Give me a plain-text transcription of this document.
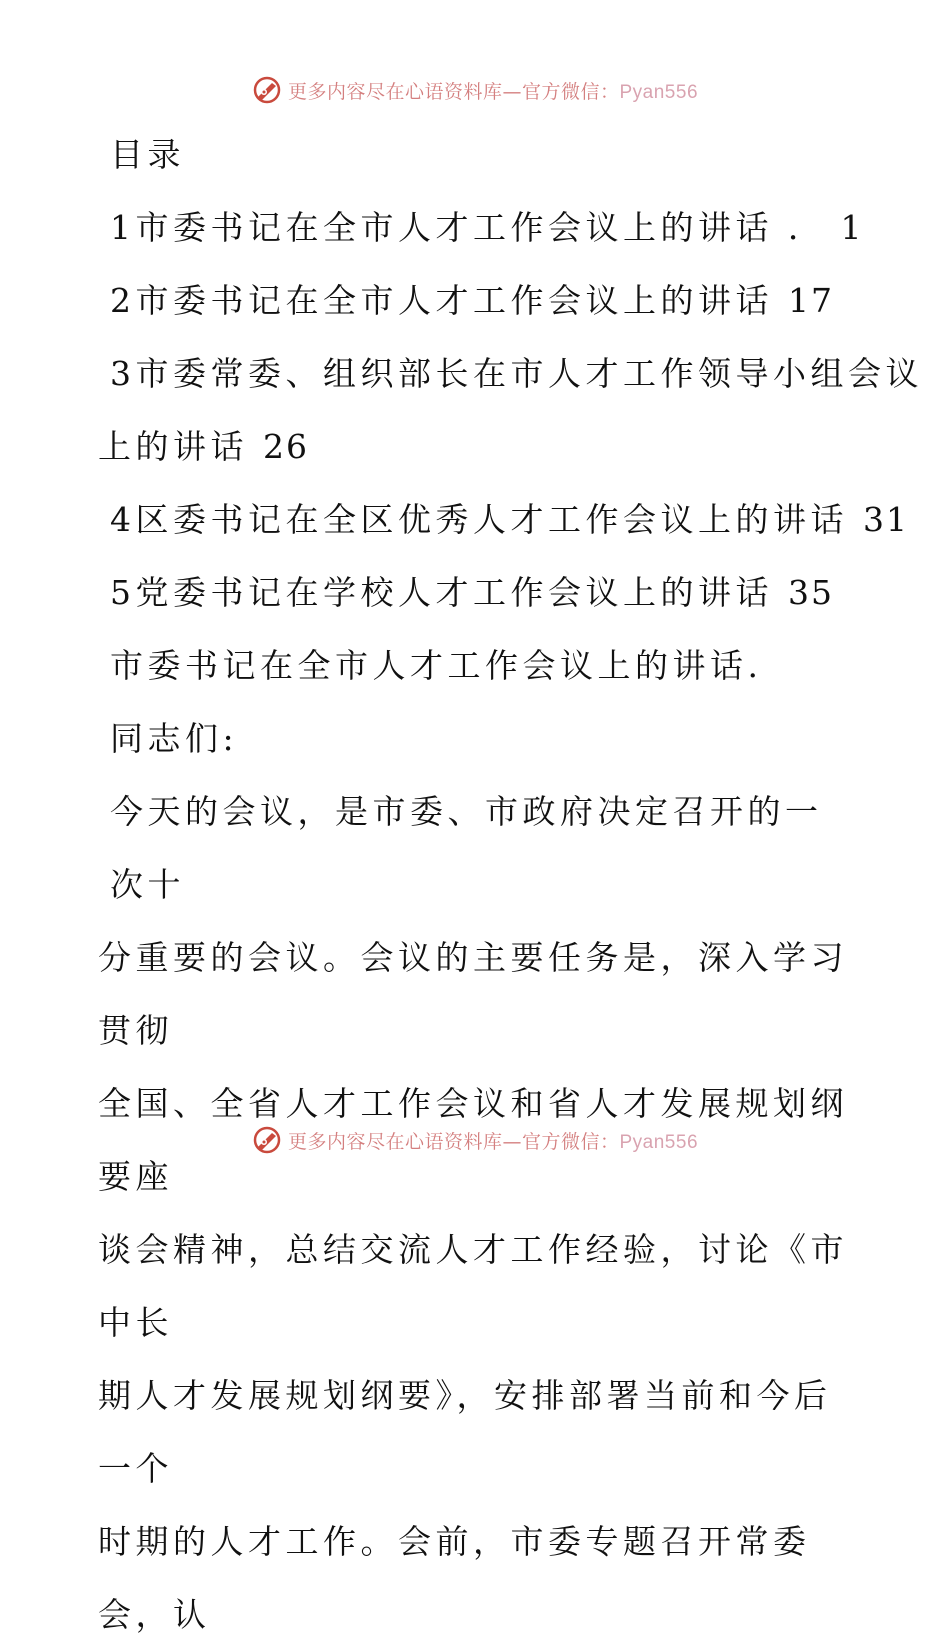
更多内容尽在心语资料库—官方微信：Pyan556
目录
1市委书记在全市人才工作会议上的讲话 ． 1
2市委书记在全市人才工作会议上的讲话 17
3市委常委、组织部长在市人才工作领导小组会议
上的讲话 26
4区委书记在全区优秀人才工作会议上的讲话 31
5党委书记在学校人才工作会议上的讲话 35
市委书记在全市人才工作会议上的讲话.
同志们:
今天的会议，是市委、市政府决定召开的一次十
分重要的会议。会议的主要任务是，深入学习贯彻
全国、全省人才工作会议和省人才发展规划纲要座
谈会精神，总结交流人才工作经验，讨论《市中长
期人才发展规划纲要》，安排部署当前和今后一个
时期的人才工作。会前，市委专题召开常委会，认
更多内容尽在心语资料库—官方微信：Pyan556
